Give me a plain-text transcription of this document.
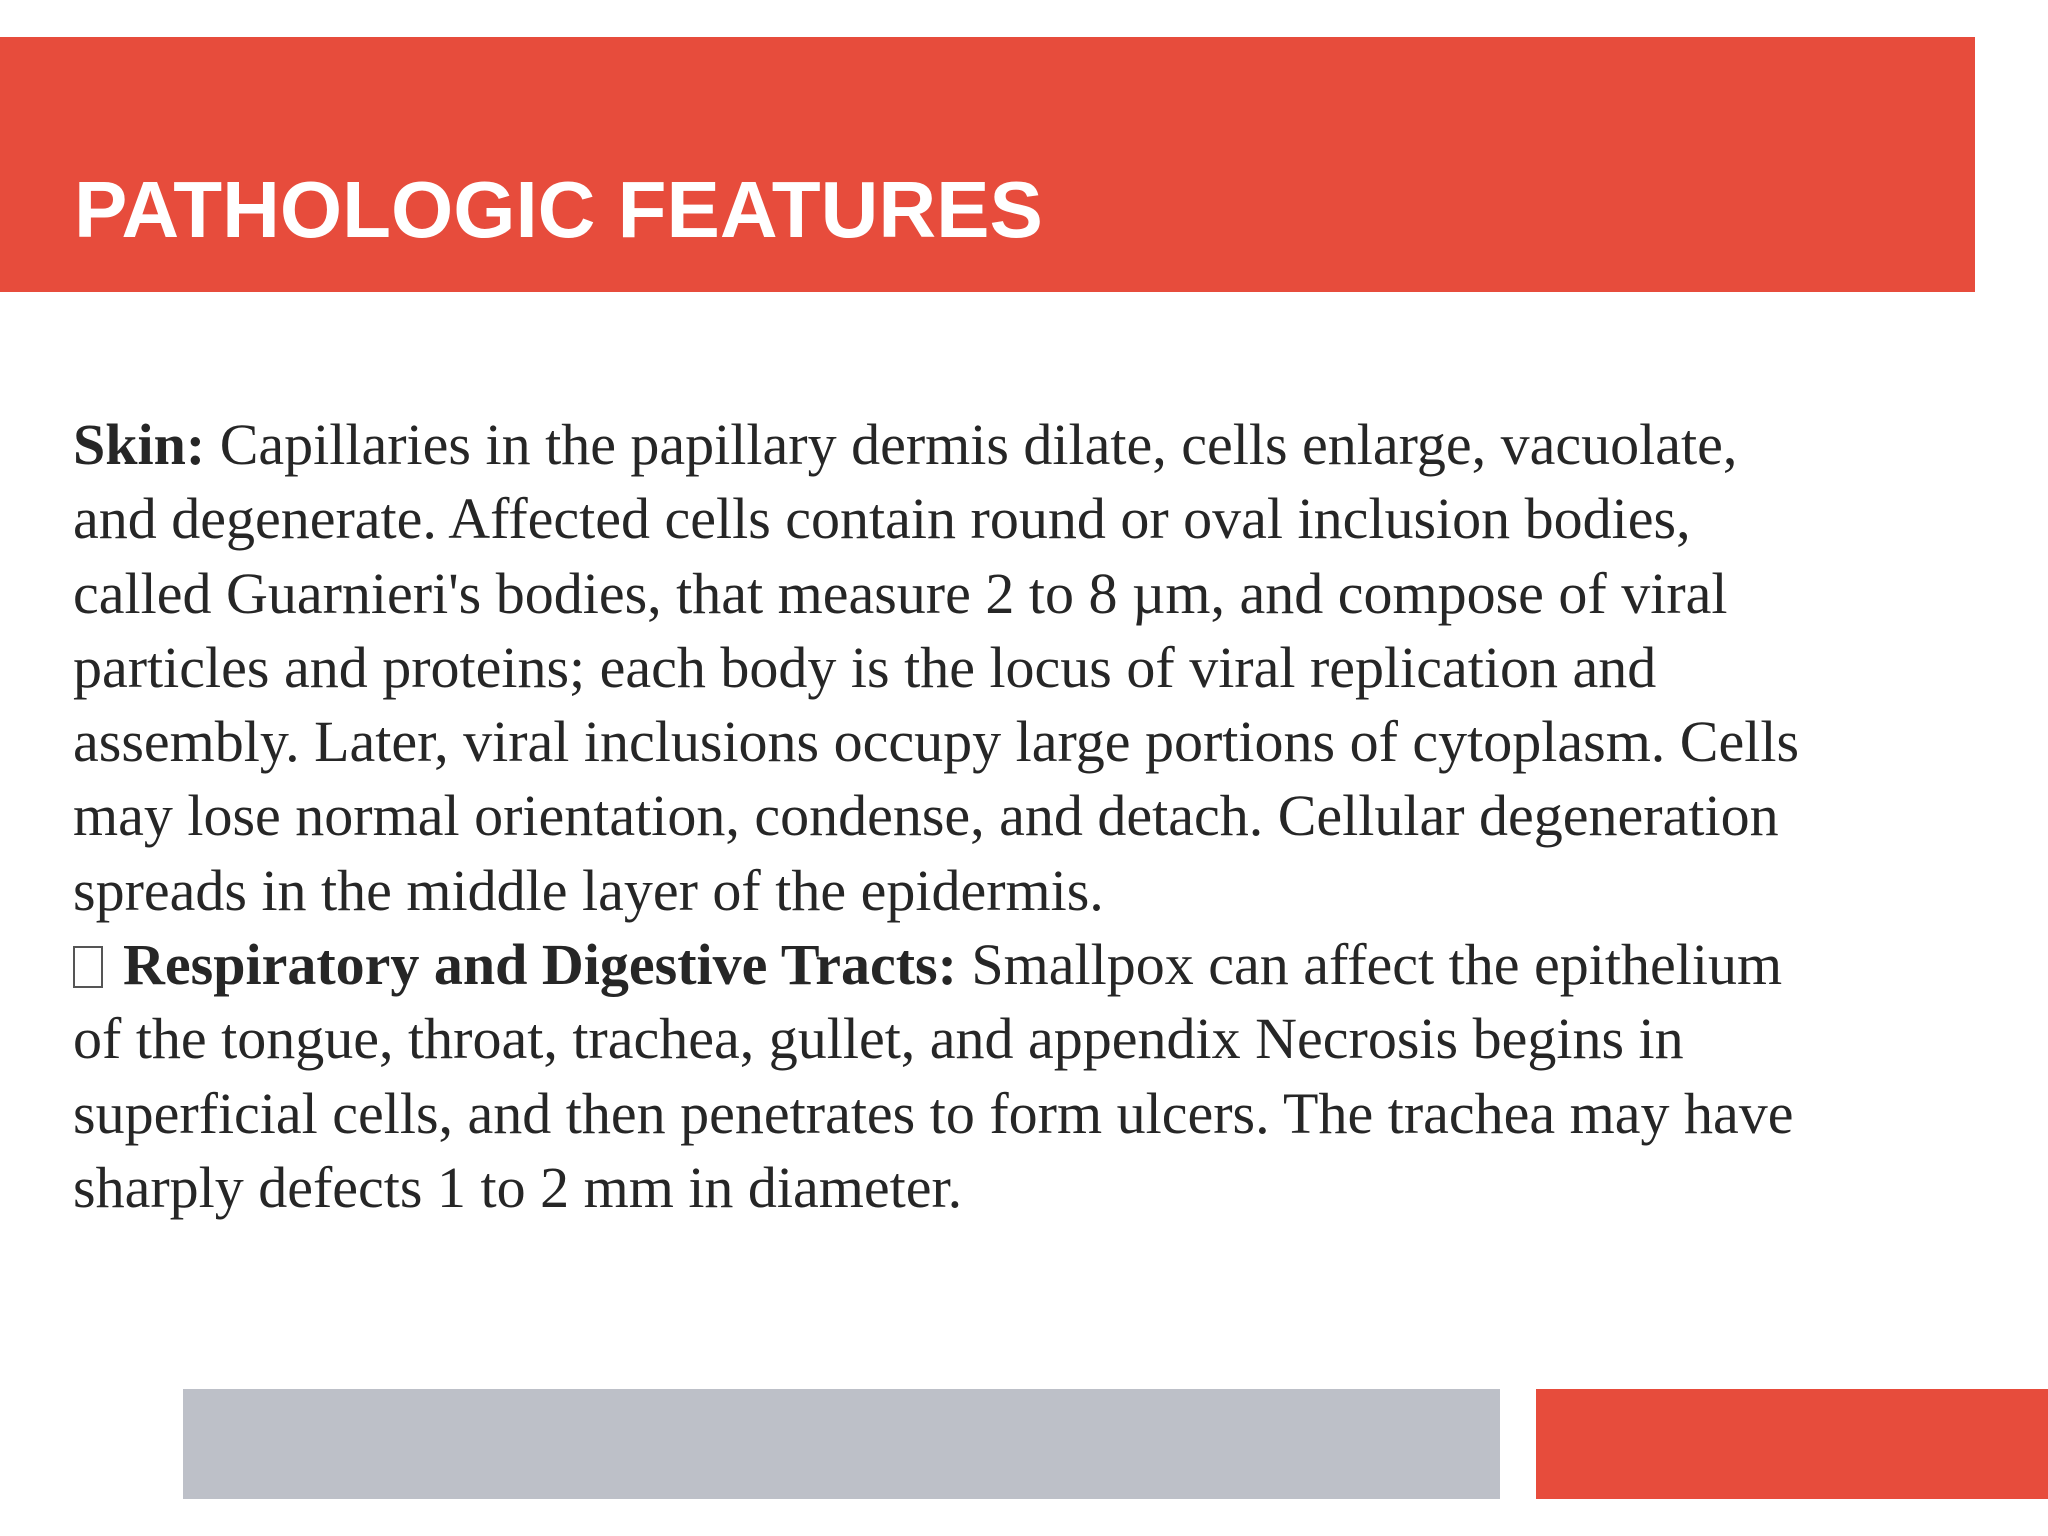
PATHOLOGIC FEATURES

Skin: Capillaries in the papillary dermis dilate, cells enlarge, vacuolate,

and degenerate. Affected cells contain round or oval inclusion bodies,

called Guarnieri's bodies, that measure 2 to 8 µm, and compose of viral

particles and proteins; each body is the locus of viral replication and

assembly. Later, viral inclusions occupy large portions of cytoplasm. Cells

may lose normal orientation, condense, and detach. Cellular degeneration

spreads in the middle layer of the epidermis.

Respiratory and Digestive Tracts: Smallpox can affect the epithelium

of the tongue, throat, trachea, gullet, and appendix Necrosis begins in

superficial cells, and then penetrates to form ulcers. The trachea may have

sharply defects 1 to 2 mm in diameter.
